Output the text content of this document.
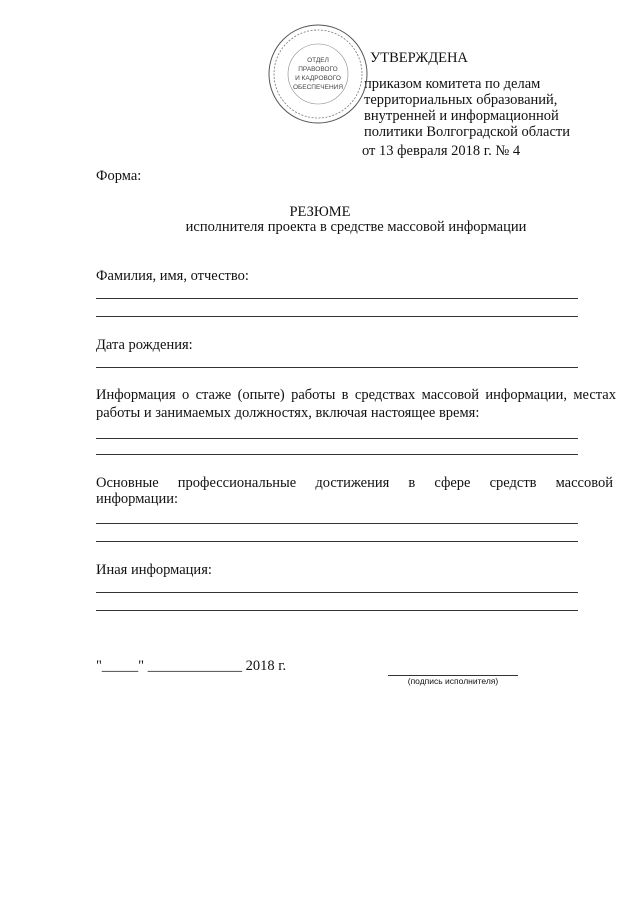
УТВЕРЖДЕНА
приказом комитета по делам
территориальных образований,
внутренней и информационной
политики Волгоградской области
от 13 февраля 2018 г. № 4
ОТДЕЛ
ПРАВОВОГО
И КАДРОВОГО
ОБЕСПЕЧЕНИЯ
Форма:
РЕЗЮМЕ
исполнителя проекта в средстве массовой информации
Фамилия, имя, отчество:
Дата рождения:
Информация о стаже (опыте) работы в средствах массовой информации, местах
работы и занимаемых должностях, включая настоящее время:
Основные профессиональные достижения в сфере средств массовой
информации:
Иная информация:
"_____" _____________ 2018 г.
(подпись исполнителя)
